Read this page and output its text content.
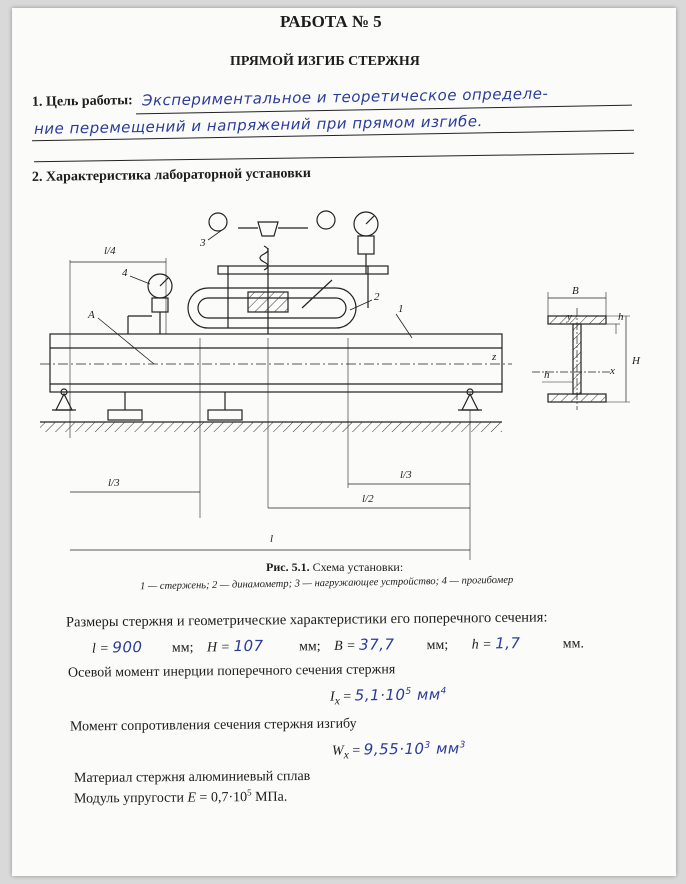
РАБОТА № 5
ПРЯМОЙ ИЗГИБ СТЕРЖНЯ
1. Цель работы: Экспериментальное и теоретическое определе-
ние перемещений и напряжений при прямом изгибе.
2. Характеристика лабораторной установки
l/4
l/3
l/3
l/2
l
1
2
3
4
A
z
B
y	h
h
H
x
Рис. 5.1. Схема установки:
1 — стержень; 2 — динамометр; 3 — нагружающее устройство; 4 — прогибомер
Размеры стержня и геометрические характеристики его поперечного сечения:
l = 900 мм; H = 107	мм; B = 37,7 мм; h = 1,7	мм.
Осевой момент инерции поперечного сечения стержня
$I_x = 5,1\cdot 10^5$ $мм^4$
Момент сопротивления сечения стержня изгибу
$W_x = 9,55\cdot 10^3$ $мм^3$
Материал стержня алюминиевый сплав
Модуль упругости $E = 0,7\cdot 10^5$ МПа.
